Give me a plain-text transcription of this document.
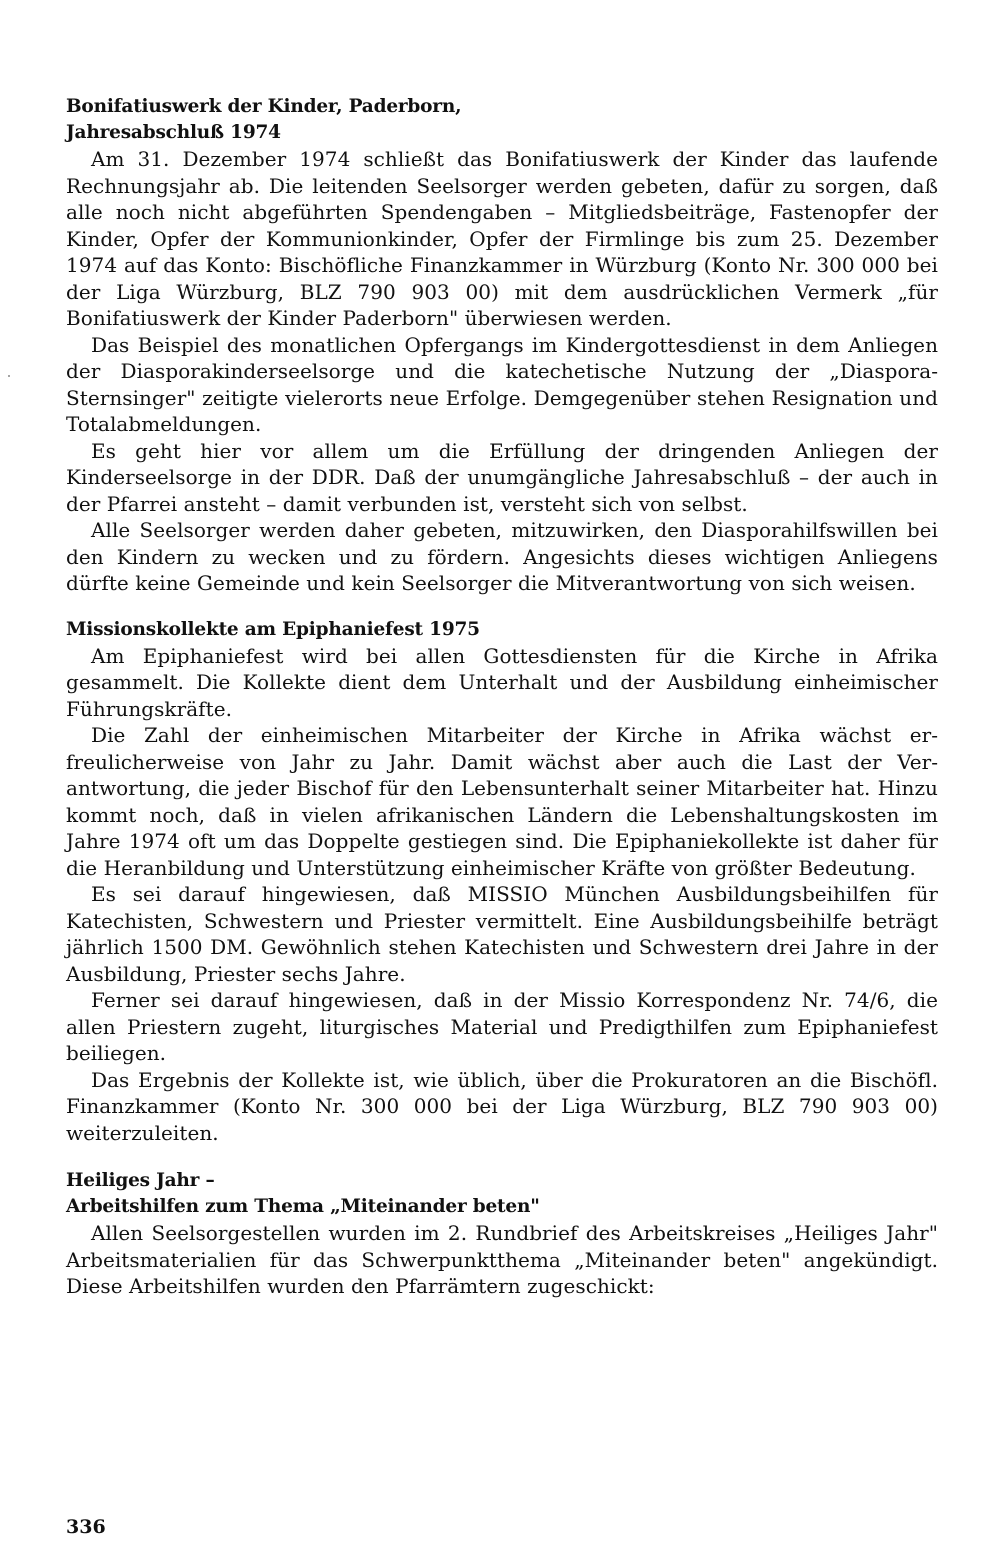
Bonifatiuswerk der Kinder, Paderborn,
Jahresabschluß 1974

Am 31. Dezember 1974 schließt das Bonifatiuswerk der Kinder das laufende Rechnungsjahr ab. Die leitenden Seelsorger werden gebeten, dafür zu sorgen, daß alle noch nicht abgeführten Spendengaben – Mitgliedsbeiträge, Fastenopfer der Kinder, Opfer der Kommunionkinder, Opfer der Firmlinge bis zum 25. Dezember 1974 auf das Konto: Bischöfliche Finanzkammer in Würzburg (Konto Nr. 300 000 bei der Liga Würzburg, BLZ 790 903 00) mit dem ausdrücklichen Vermerk „für Bonifatiuswerk der Kinder Paderborn" überwiesen werden.

Das Beispiel des monatlichen Opfergangs im Kindergottesdienst in dem Anliegen der Diasporakinderseelsorge und die katechetische Nutzung der „Diaspora-Sternsinger" zeitigte vielerorts neue Erfolge. Demgegenüber stehen Resignation und Totalabmeldungen.

Es geht hier vor allem um die Erfüllung der dringenden Anliegen der Kinderseelsorge in der DDR. Daß der unumgängliche Jahresabschluß – der auch in der Pfarrei ansteht – damit verbunden ist, versteht sich von selbst.

Alle Seelsorger werden daher gebeten, mitzuwirken, den Diasporahilfswillen bei den Kindern zu wecken und zu fördern. Angesichts dieses wichtigen Anliegens dürfte keine Gemeinde und kein Seelsorger die Mitverantwortung von sich weisen.

Missionskollekte am Epiphaniefest 1975

Am Epiphaniefest wird bei allen Gottesdiensten für die Kirche in Afrika gesammelt. Die Kollekte dient dem Unterhalt und der Ausbildung einheimischer Führungskräfte.

Die Zahl der einheimischen Mitarbeiter der Kirche in Afrika wächst erfreulicherweise von Jahr zu Jahr. Damit wächst aber auch die Last der Verantwortung, die jeder Bischof für den Lebensunterhalt seiner Mitarbeiter hat. Hinzu kommt noch, daß in vielen afrikanischen Ländern die Lebenshaltungskosten im Jahre 1974 oft um das Doppelte gestiegen sind. Die Epiphaniekollekte ist daher für die Heranbildung und Unterstützung einheimischer Kräfte von größter Bedeutung.

Es sei darauf hingewiesen, daß MISSIO München Ausbildungsbeihilfen für Katechisten, Schwestern und Priester vermittelt. Eine Ausbildungsbeihilfe beträgt jährlich 1500 DM. Gewöhnlich stehen Katechisten und Schwestern drei Jahre in der Ausbildung, Priester sechs Jahre.

Ferner sei darauf hingewiesen, daß in der Missio Korrespondenz Nr. 74/6, die allen Priestern zugeht, liturgisches Material und Predigthilfen zum Epiphaniefest beiliegen.

Das Ergebnis der Kollekte ist, wie üblich, über die Prokuratoren an die Bischöfl. Finanzkammer (Konto Nr. 300 000 bei der Liga Würzburg, BLZ 790 903 00) weiterzuleiten.

Heiliges Jahr –
Arbeitshilfen zum Thema „Miteinander beten"

Allen Seelsorgestellen wurden im 2. Rundbrief des Arbeitskreises „Heiliges Jahr" Arbeitsmaterialien für das Schwerpunktthema „Miteinander beten" angekündigt. Diese Arbeitshilfen wurden den Pfarrämtern zugeschickt:

336
